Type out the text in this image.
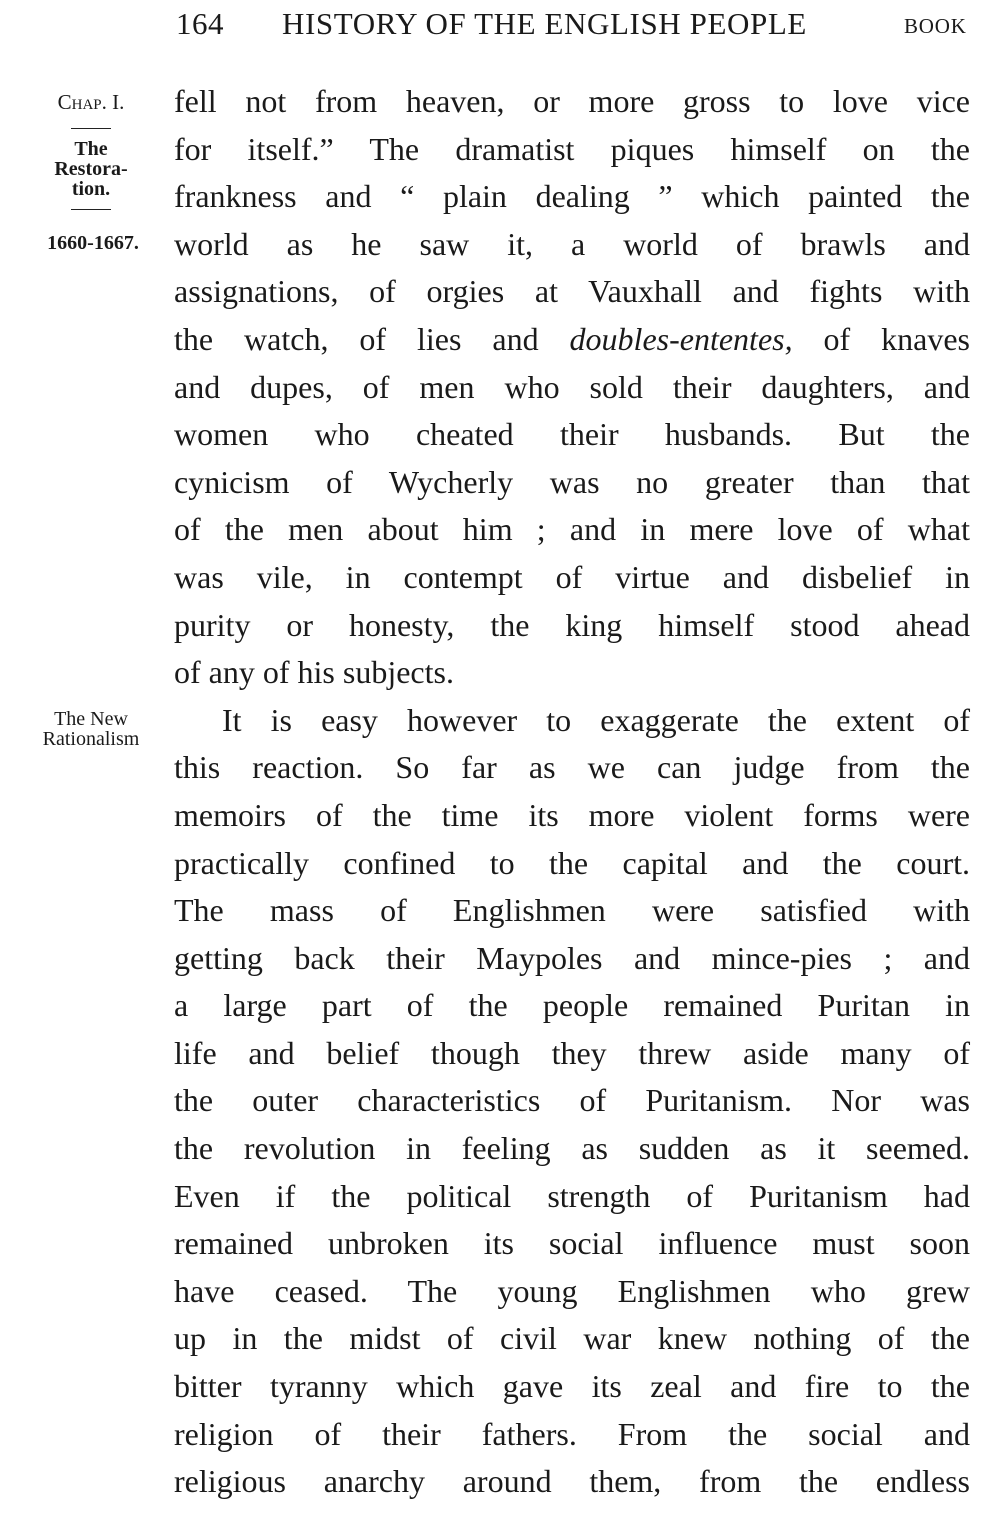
164 HISTORY OF THE ENGLISH PEOPLE	BOOK
Chap. I.
The
Restora-
tion.
1660-1667.
The New
Rationalism
fell not from heaven, or more gross to love vice
for itself.” The dramatist piques himself on the
frankness and “ plain dealing ” which painted the
world as he saw it, a world of brawls and
assignations, of orgies at Vauxhall and fights with
the watch, of lies and doubles-ententes, of knaves
and dupes, of men who sold their daughters, and
women who cheated their husbands. But the
cynicism of Wycherly was no greater than that
of the men about him ; and in mere love of what
was vile, in contempt of virtue and disbelief in
purity or honesty, the king himself stood ahead
of any of his subjects.
It is easy however to exaggerate the extent of
this reaction. So far as we can judge from the
memoirs of the time its more violent forms were
practically confined to the capital and the court.
The mass of Englishmen were satisfied with
getting back their Maypoles and mince-pies ; and
a large part of the people remained Puritan in
life and belief though they threw aside many of
the outer characteristics of Puritanism. Nor was
the revolution in feeling as sudden as it seemed.
Even if the political strength of Puritanism had
remained unbroken its social influence must soon
have ceased. The young Englishmen who grew
up in the midst of civil war knew nothing of the
bitter tyranny which gave its zeal and fire to the
religion of their fathers. From the social and
religious anarchy around them, from the endless
